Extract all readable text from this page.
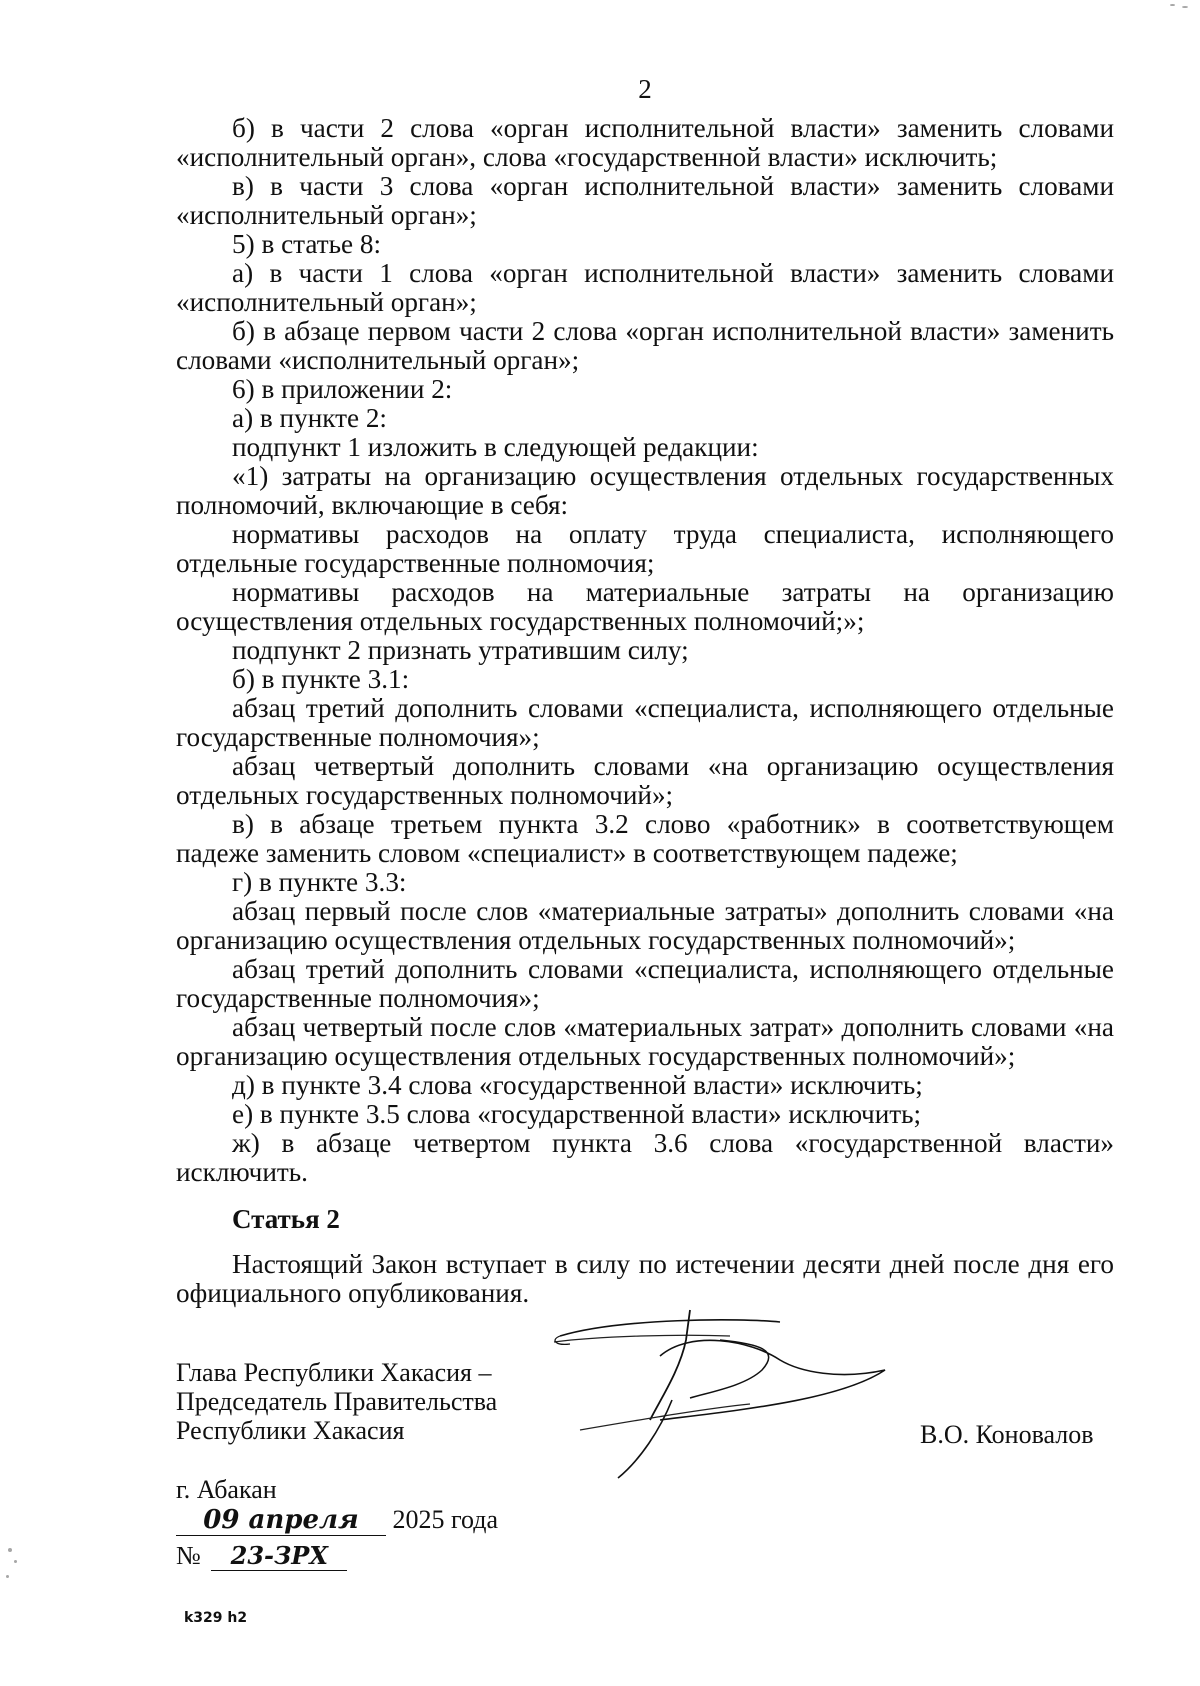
2

б) в части 2 слова «орган исполнительной власти» заменить словами «исполнительный орган», слова «государственной власти» исключить;

в) в части 3 слова «орган исполнительной власти» заменить словами «исполнительный орган»;

5) в статье 8:

а) в части 1 слова «орган исполнительной власти» заменить словами «исполнительный орган»;

б) в абзаце первом части 2 слова «орган исполнительной власти» заменить словами «исполнительный орган»;

6) в приложении 2:

а) в пункте 2:

подпункт 1 изложить в следующей редакции:

«1) затраты на организацию осуществления отдельных государственных полномочий, включающие в себя:

нормативы расходов на оплату труда специалиста, исполняющего отдельные государственные полномочия;

нормативы расходов на материальные затраты на организацию осуществления отдельных государственных полномочий;»;

подпункт 2 признать утратившим силу;

б) в пункте 3.1:

абзац третий дополнить словами «специалиста, исполняющего отдельные государственные полномочия»;

абзац четвертый дополнить словами «на организацию осуществления отдельных государственных полномочий»;

в) в абзаце третьем пункта 3.2 слово «работник» в соответствующем падеже заменить словом «специалист» в соответствующем падеже;

г) в пункте 3.3:

абзац первый после слов «материальные затраты» дополнить словами «на организацию осуществления отдельных государственных полномочий»;

абзац третий дополнить словами «специалиста, исполняющего отдельные государственные полномочия»;

абзац четвертый после слов «материальных затрат» дополнить словами «на организацию осуществления отдельных государственных полномочий»;

д) в пункте 3.4 слова «государственной власти» исключить;

е) в пункте 3.5 слова «государственной власти» исключить;

ж) в абзаце четвертом пункта 3.6 слова «государственной власти» исключить.

Статья 2

Настоящий Закон вступает в силу по истечении десяти дней после дня его официального опубликования.

Глава Республики Хакасия –
Председатель Правительства
Республики Хакасия	В.О. Коновалов
г. Абакан
09 апреля 2025 года
№ 23-ЗРХ
k329 h2
